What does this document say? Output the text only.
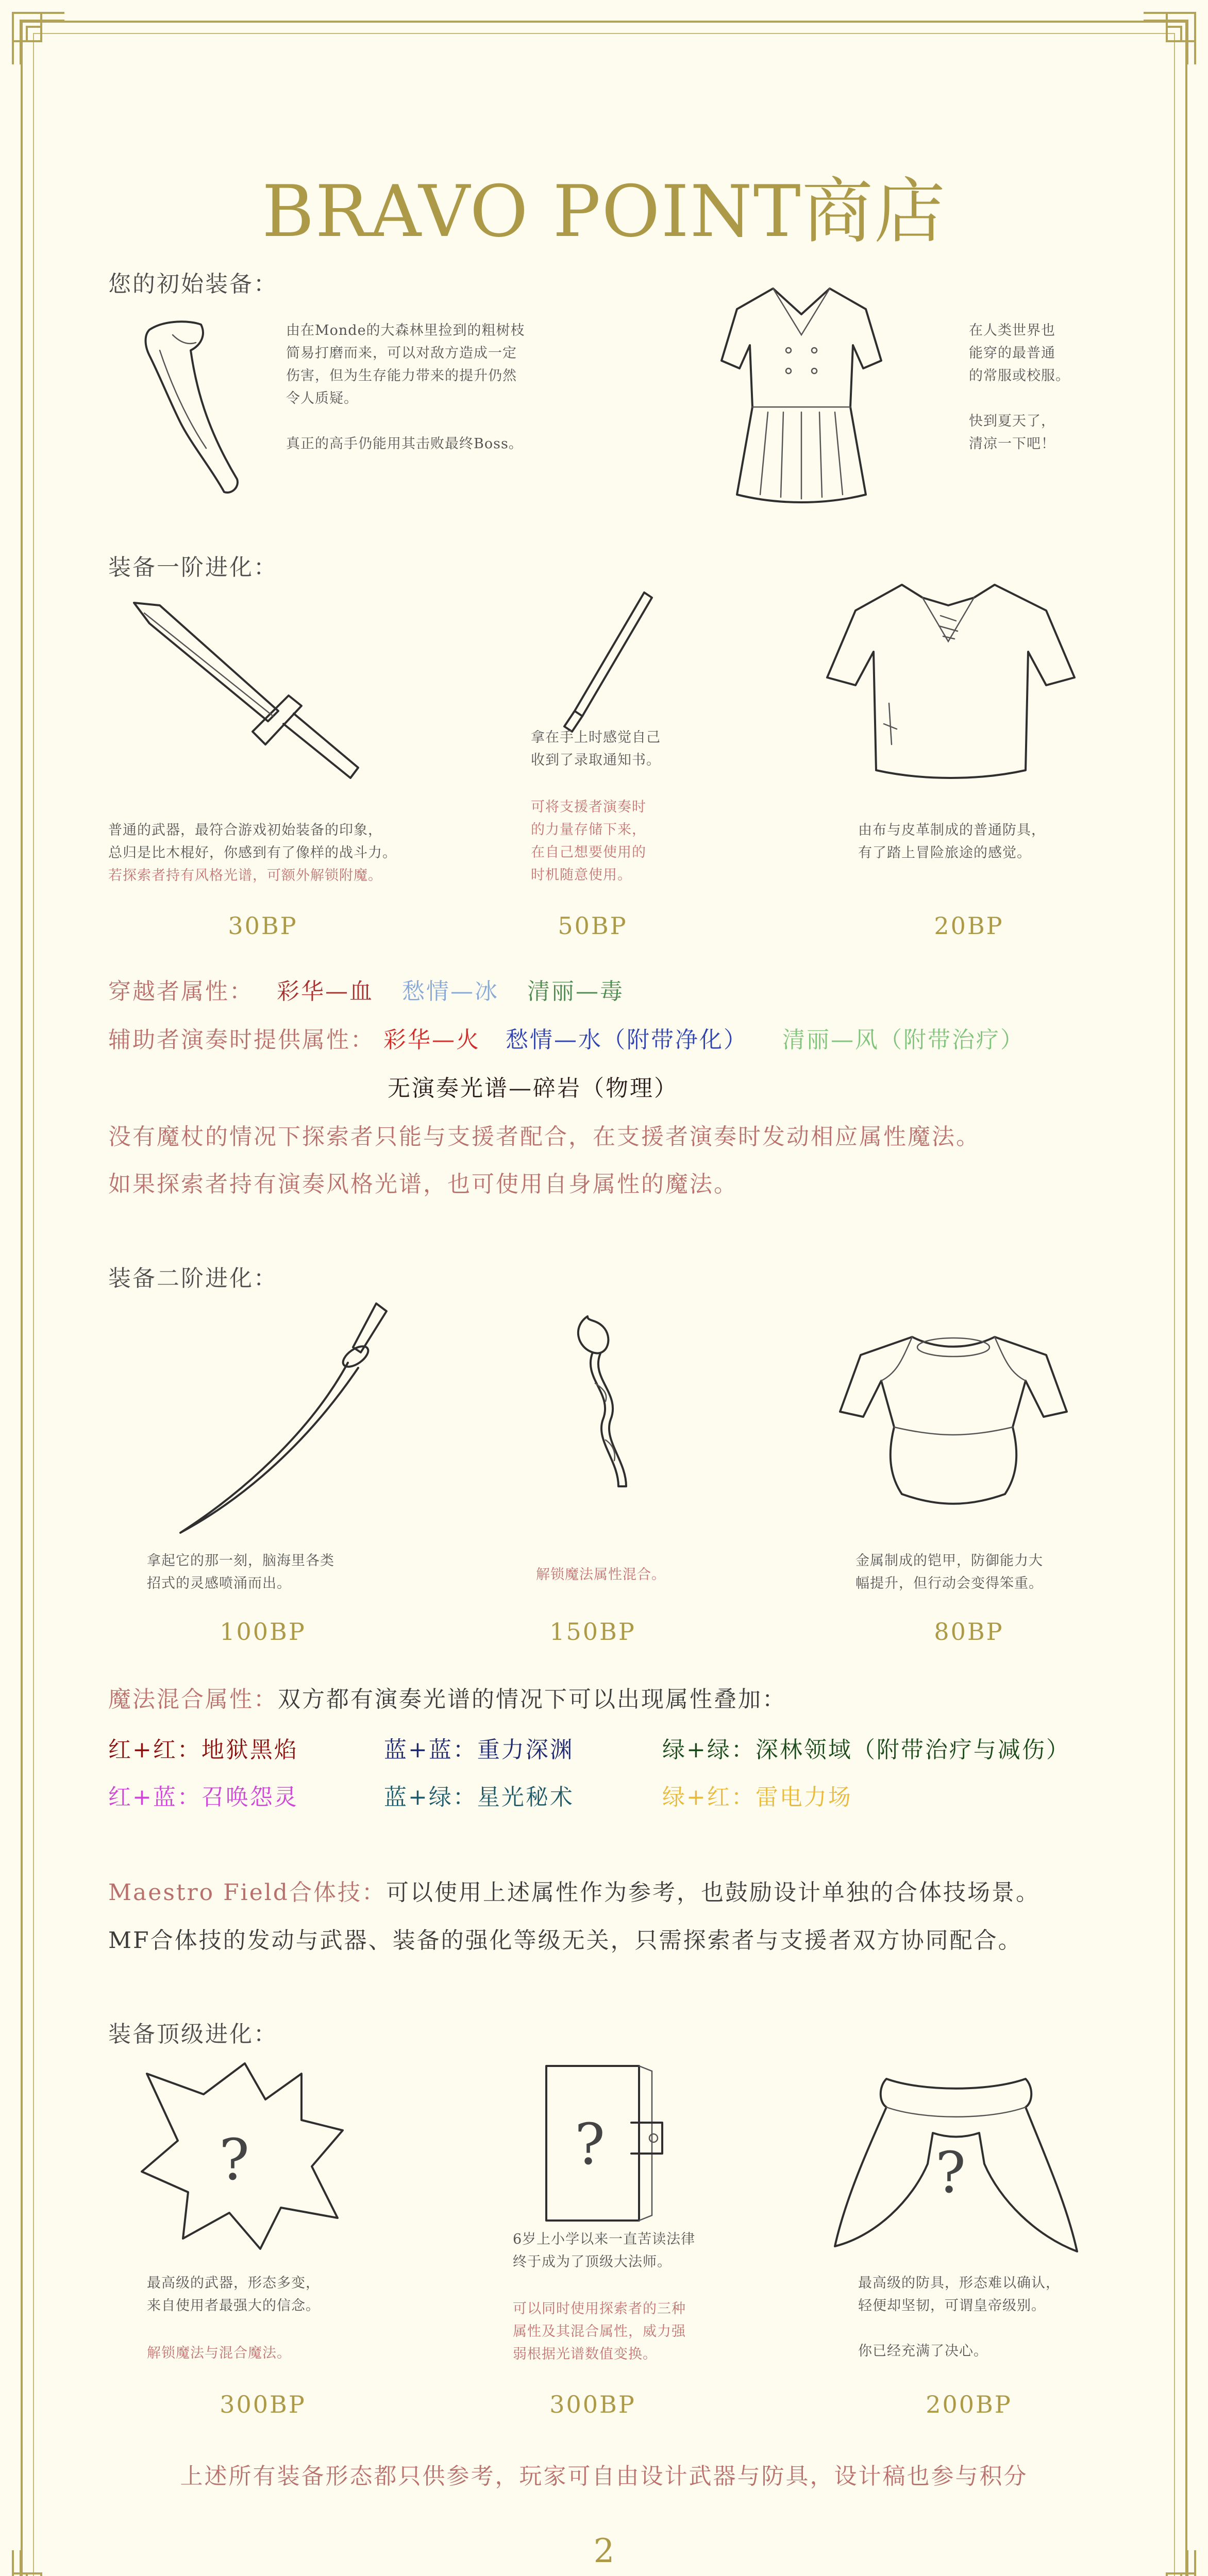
BRAVO POINT商店
您的初始装备：
由在Monde的大森林里捡到的粗树枝
简易打磨而来，可以对敌方造成一定
伤害，但为生存能力带来的提升仍然
令人质疑。
真正的高手仍能用其击败最终Boss。
在人类世界也
能穿的最普通
的常服或校服。
快到夏天了，
清凉一下吧！
装备一阶进化：
普通的武器，最符合游戏初始装备的印象，
总归是比木棍好，你感到有了像样的战斗力。
若探索者持有风格光谱，可额外解锁附魔。
30BP
拿在手上时感觉自己
收到了录取通知书。
可将支援者演奏时
的力量存储下来，
在自己想要使用的
时机随意使用。
50BP
由布与皮革制成的普通防具，
有了踏上冒险旅途的感觉。
20BP
穿越者属性： 彩华—血 愁情—冰 清丽—毒
辅助者演奏时提供属性： 彩华—火 愁情—水（附带净化） 清丽—风（附带治疗）
无演奏光谱—碎岩（物理）
没有魔杖的情况下探索者只能与支援者配合，在支援者演奏时发动相应属性魔法。
如果探索者持有演奏风格光谱，也可使用自身属性的魔法。
装备二阶进化：
拿起它的那一刻，脑海里各类
招式的灵感喷涌而出。
100BP
解锁魔法属性混合。
150BP
金属制成的铠甲，防御能力大
幅提升，但行动会变得笨重。
80BP
魔法混合属性：双方都有演奏光谱的情况下可以出现属性叠加：
红+红：地狱黑焰	蓝+蓝：重力深渊	绿+绿：深林领域（附带治疗与减伤）
红+蓝：召唤怨灵	蓝+绿：星光秘术	绿+红：雷电力场
Maestro Field合体技：可以使用上述属性作为参考，也鼓励设计单独的合体技场景。
MF合体技的发动与武器、装备的强化等级无关，只需探索者与支援者双方协同配合。
装备顶级进化：
?
最高级的武器，形态多变，
来自使用者最强大的信念。
解锁魔法与混合魔法。
300BP
?
6岁上小学以来一直苦读法律
终于成为了顶级大法师。
可以同时使用探索者的三种
属性及其混合属性，威力强
弱根据光谱数值变换。
300BP
?
最高级的防具，形态难以确认，
轻便却坚韧，可谓皇帝级别。
你已经充满了决心。
200BP
上述所有装备形态都只供参考，玩家可自由设计武器与防具，设计稿也参与积分
2
